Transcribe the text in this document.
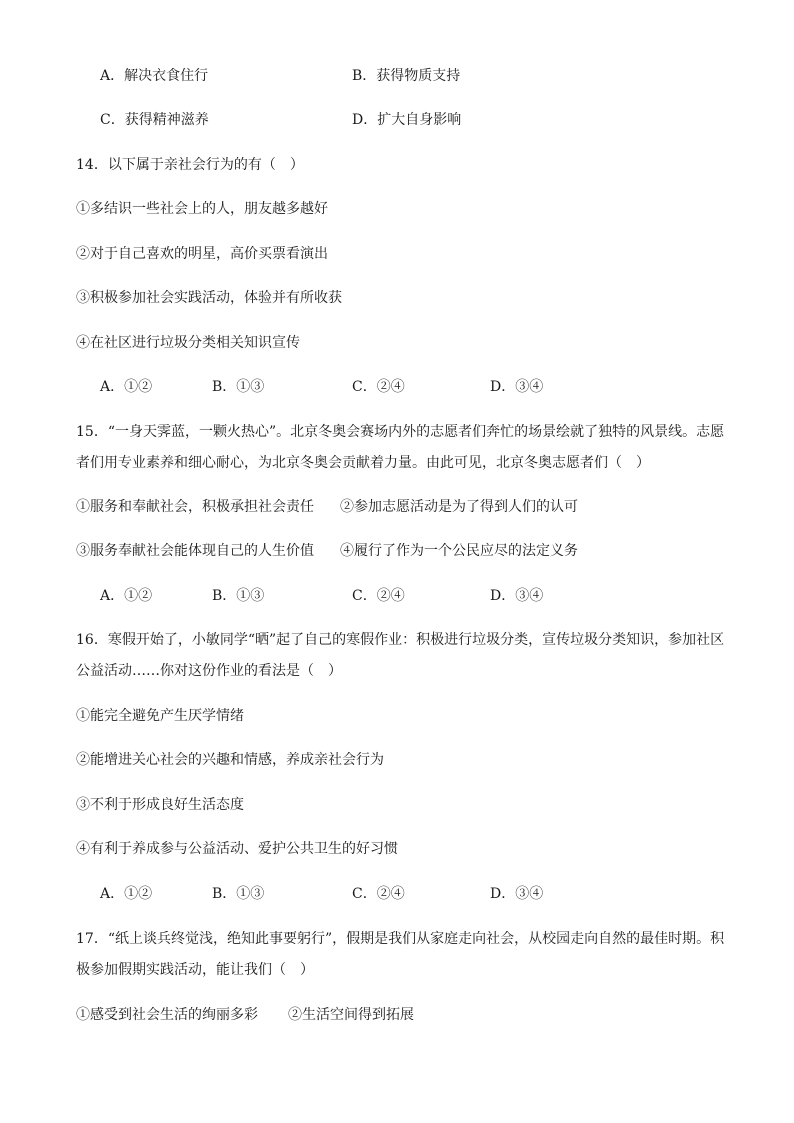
A．解决衣食住行	B．获得物质支持
C．获得精神滋养	D．扩大自身影响
14．以下属于亲社会行为的有（　）
①多结识一些社会上的人，朋友越多越好
②对于自己喜欢的明星，高价买票看演出
③积极参加社会实践活动，体验并有所收获
④在社区进行垃圾分类相关知识宣传
A．①②	B．①③	C．②④	D．③④
15．“一身天霁蓝，一颗火热心”。北京冬奥会赛场内外的志愿者们奔忙的场景绘就了独特的风景线。志愿
者们用专业素养和细心耐心，为北京冬奥会贡献着力量。由此可见，北京冬奥志愿者们（　）
①服务和奉献社会，积极承担社会责任 ②参加志愿活动是为了得到人们的认可
③服务奉献社会能体现自己的人生价值 ④履行了作为一个公民应尽的法定义务
A．①②	B．①③	C．②④	D．③④
16．寒假开始了，小敏同学“晒”起了自己的寒假作业：积极进行垃圾分类，宣传垃圾分类知识，参加社区
公益活动……你对这份作业的看法是（　）
①能完全避免产生厌学情绪
②能增进关心社会的兴趣和情感，养成亲社会行为
③不利于形成良好生活态度
④有利于养成参与公益活动、爱护公共卫生的好习惯
A．①②	B．①③	C．②④	D．③④
17．“纸上谈兵终觉浅，绝知此事要躬行”，假期是我们从家庭走向社会，从校园走向自然的最佳时期。积
极参加假期实践活动，能让我们（　）
①感受到社会生活的绚丽多彩 ②生活空间得到拓展
